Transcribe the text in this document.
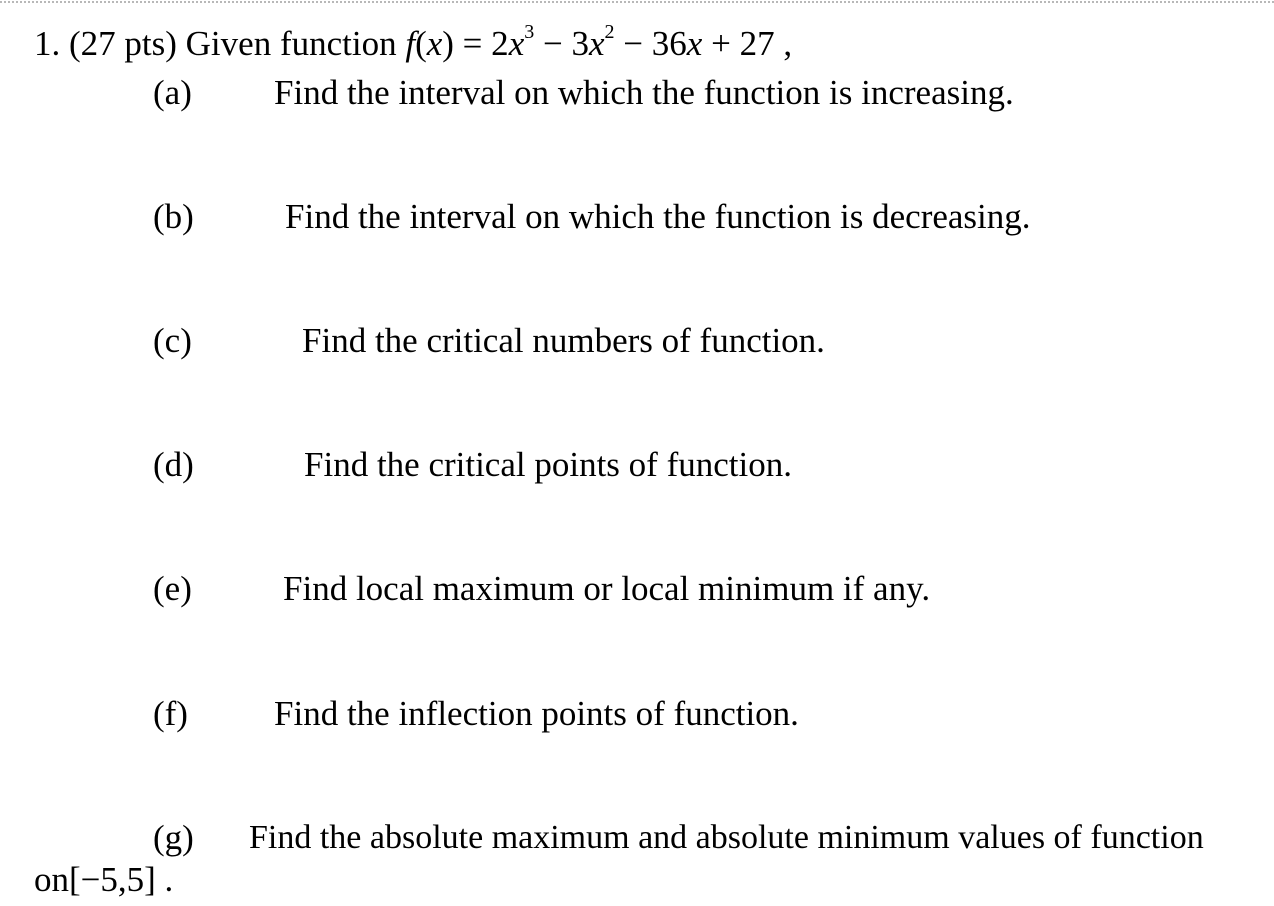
1. (27 pts) Given function $f(x) = 2x^3 - 3x^2 - 36x + 27$ ,
(a) Find the interval on which the function is increasing.
(b)	Find the interval on which the function is decreasing.
(c)	Find the critical numbers of function.
(d)	Find the critical points of function.
(e)	Find local maximum or local minimum if any.
(f) Find the inflection points of function.
(g) Find the absolute maximum and absolute minimum values of function
on[−5,5] .
